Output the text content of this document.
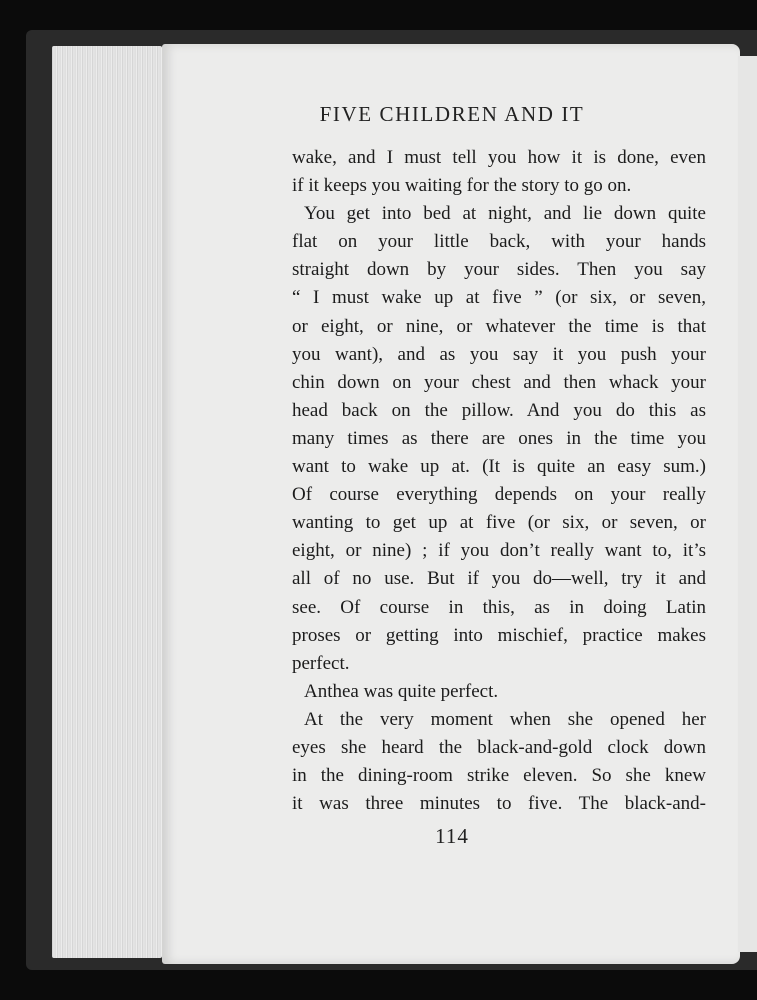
FIVE CHILDREN AND IT
wake, and I must tell you how it is done, even
if it keeps you waiting for the story to go on.
You get into bed at night, and lie down quite
flat on your little back, with your hands
straight down by your sides. Then you say
“ I must wake up at five ” (or six, or seven,
or eight, or nine, or whatever the time is that
you want), and as you say it you push your
chin down on your chest and then whack your
head back on the pillow. And you do this as
many times as there are ones in the time you
want to wake up at. (It is quite an easy sum.)
Of course everything depends on your really
wanting to get up at five (or six, or seven, or
eight, or nine) ; if you don’t really want to, it’s
all of no use. But if you do—well, try it and
see. Of course in this, as in doing Latin
proses or getting into mischief, practice makes
perfect.
Anthea was quite perfect.
At the very moment when she opened her
eyes she heard the black-and-gold clock down
in the dining-room strike eleven. So she knew
it was three minutes to five. The black-and-
114
